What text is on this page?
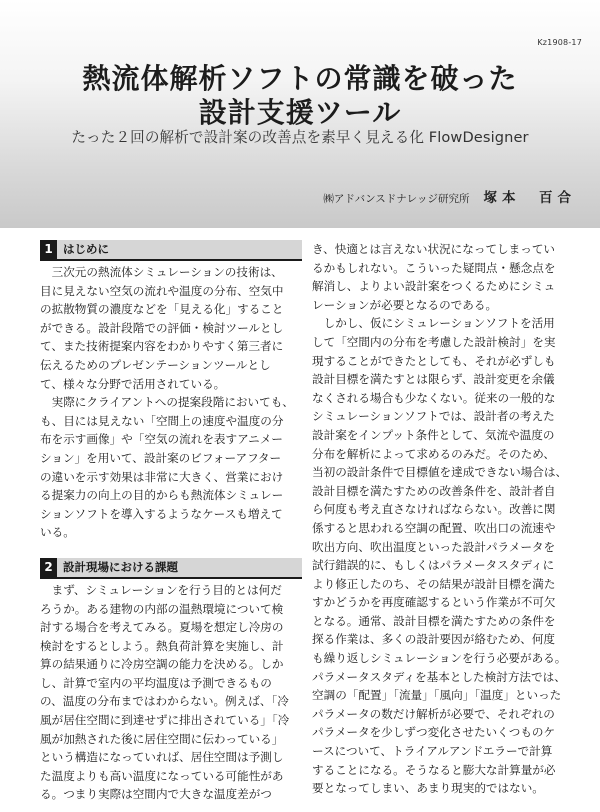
Kz1908-17
熱流体解析ソフトの常識を破った
設計支援ツール

たった２回の解析で設計案の改善点を素早く見える化 FlowDesigner

㈱アドバンスドナレッジ研究所 塚本　百合
1 はじめに
　三次元の熱流体シミュレーションの技術は、
目に見えない空気の流れや温度の分布、空気中
の拡散物質の濃度などを「見える化」すること
ができる。設計段階での評価・検討ツールとし
て、また技術提案内容をわかりやすく第三者に
伝えるためのプレゼンテーションツールとし
て、様々な分野で活用されている。
　実際にクライアントへの提案段階においても、
も、目には見えない「空間上の速度や温度の分
布を示す画像」や「空気の流れを表すアニメー
ション」を用いて、設計案のビフォーアフター
の違いを示す効果は非常に大きく、営業におけ
る提案力の向上の目的からも熱流体シミュレー
ションソフトを導入するようなケースも増えて
いる。
2 設計現場における課題
　まず、シミュレーションを行う目的とは何だ
ろうか。ある建物の内部の温熱環境について検
討する場合を考えてみる。夏場を想定し冷房の
検討をするとしよう。熱負荷計算を実施し、計
算の結果通りに冷房空調の能力を決める。しか
し、計算で室内の平均温度は予測できるもの
の、温度の分布まではわからない。例えば、「冷
風が居住空間に到達せずに排出されている」「冷
風が加熱された後に居住空間に伝わっている」
という構造になっていれば、居住空間は予測し
た温度よりも高い温度になっている可能性があ
る。つまり実際は空間内で大きな温度差がつ
き、快適とは言えない状況になってしまってい
るかもしれない。こういった疑問点・懸念点を
解消し、よりよい設計案をつくるためにシミュ
レーションが必要となるのである。
　しかし、仮にシミュレーションソフトを活用
して「空間内の分布を考慮した設計検討」を実
現することができたとしても、それが必ずしも
設計目標を満たすとは限らず、設計変更を余儀
なくされる場合も少なくない。従来の一般的な
シミュレーションソフトでは、設計者の考えた
設計案をインプット条件として、気流や温度の
分布を解析によって求めるのみだ。そのため、
当初の設計条件で目標値を達成できない場合は、
設計目標を満たすための改善条件を、設計者自
ら何度も考え直さなければならない。改善に関
係すると思われる空調の配置、吹出口の流速や
吹出方向、吹出温度といった設計パラメータを
試行錯誤的に、もしくはパラメータスタディに
より修正したのち、その結果が設計目標を満た
すかどうかを再度確認するという作業が不可欠
となる。通常、設計目標を満たすための条件を
探る作業は、多くの設計要因が絡むため、何度
も繰り返しシミュレーションを行う必要がある。
パラメータスタディを基本とした検討方法では、
空調の「配置」「流量」「風向」「温度」といった
パラメータの数だけ解析が必要で、それぞれの
パラメータを少しずつ変化させたいくつものケ
ースについて、トライアルアンドエラーで計算
することになる。そうなると膨大な計算量が必
要となってしまい、あまり現実的ではない。
